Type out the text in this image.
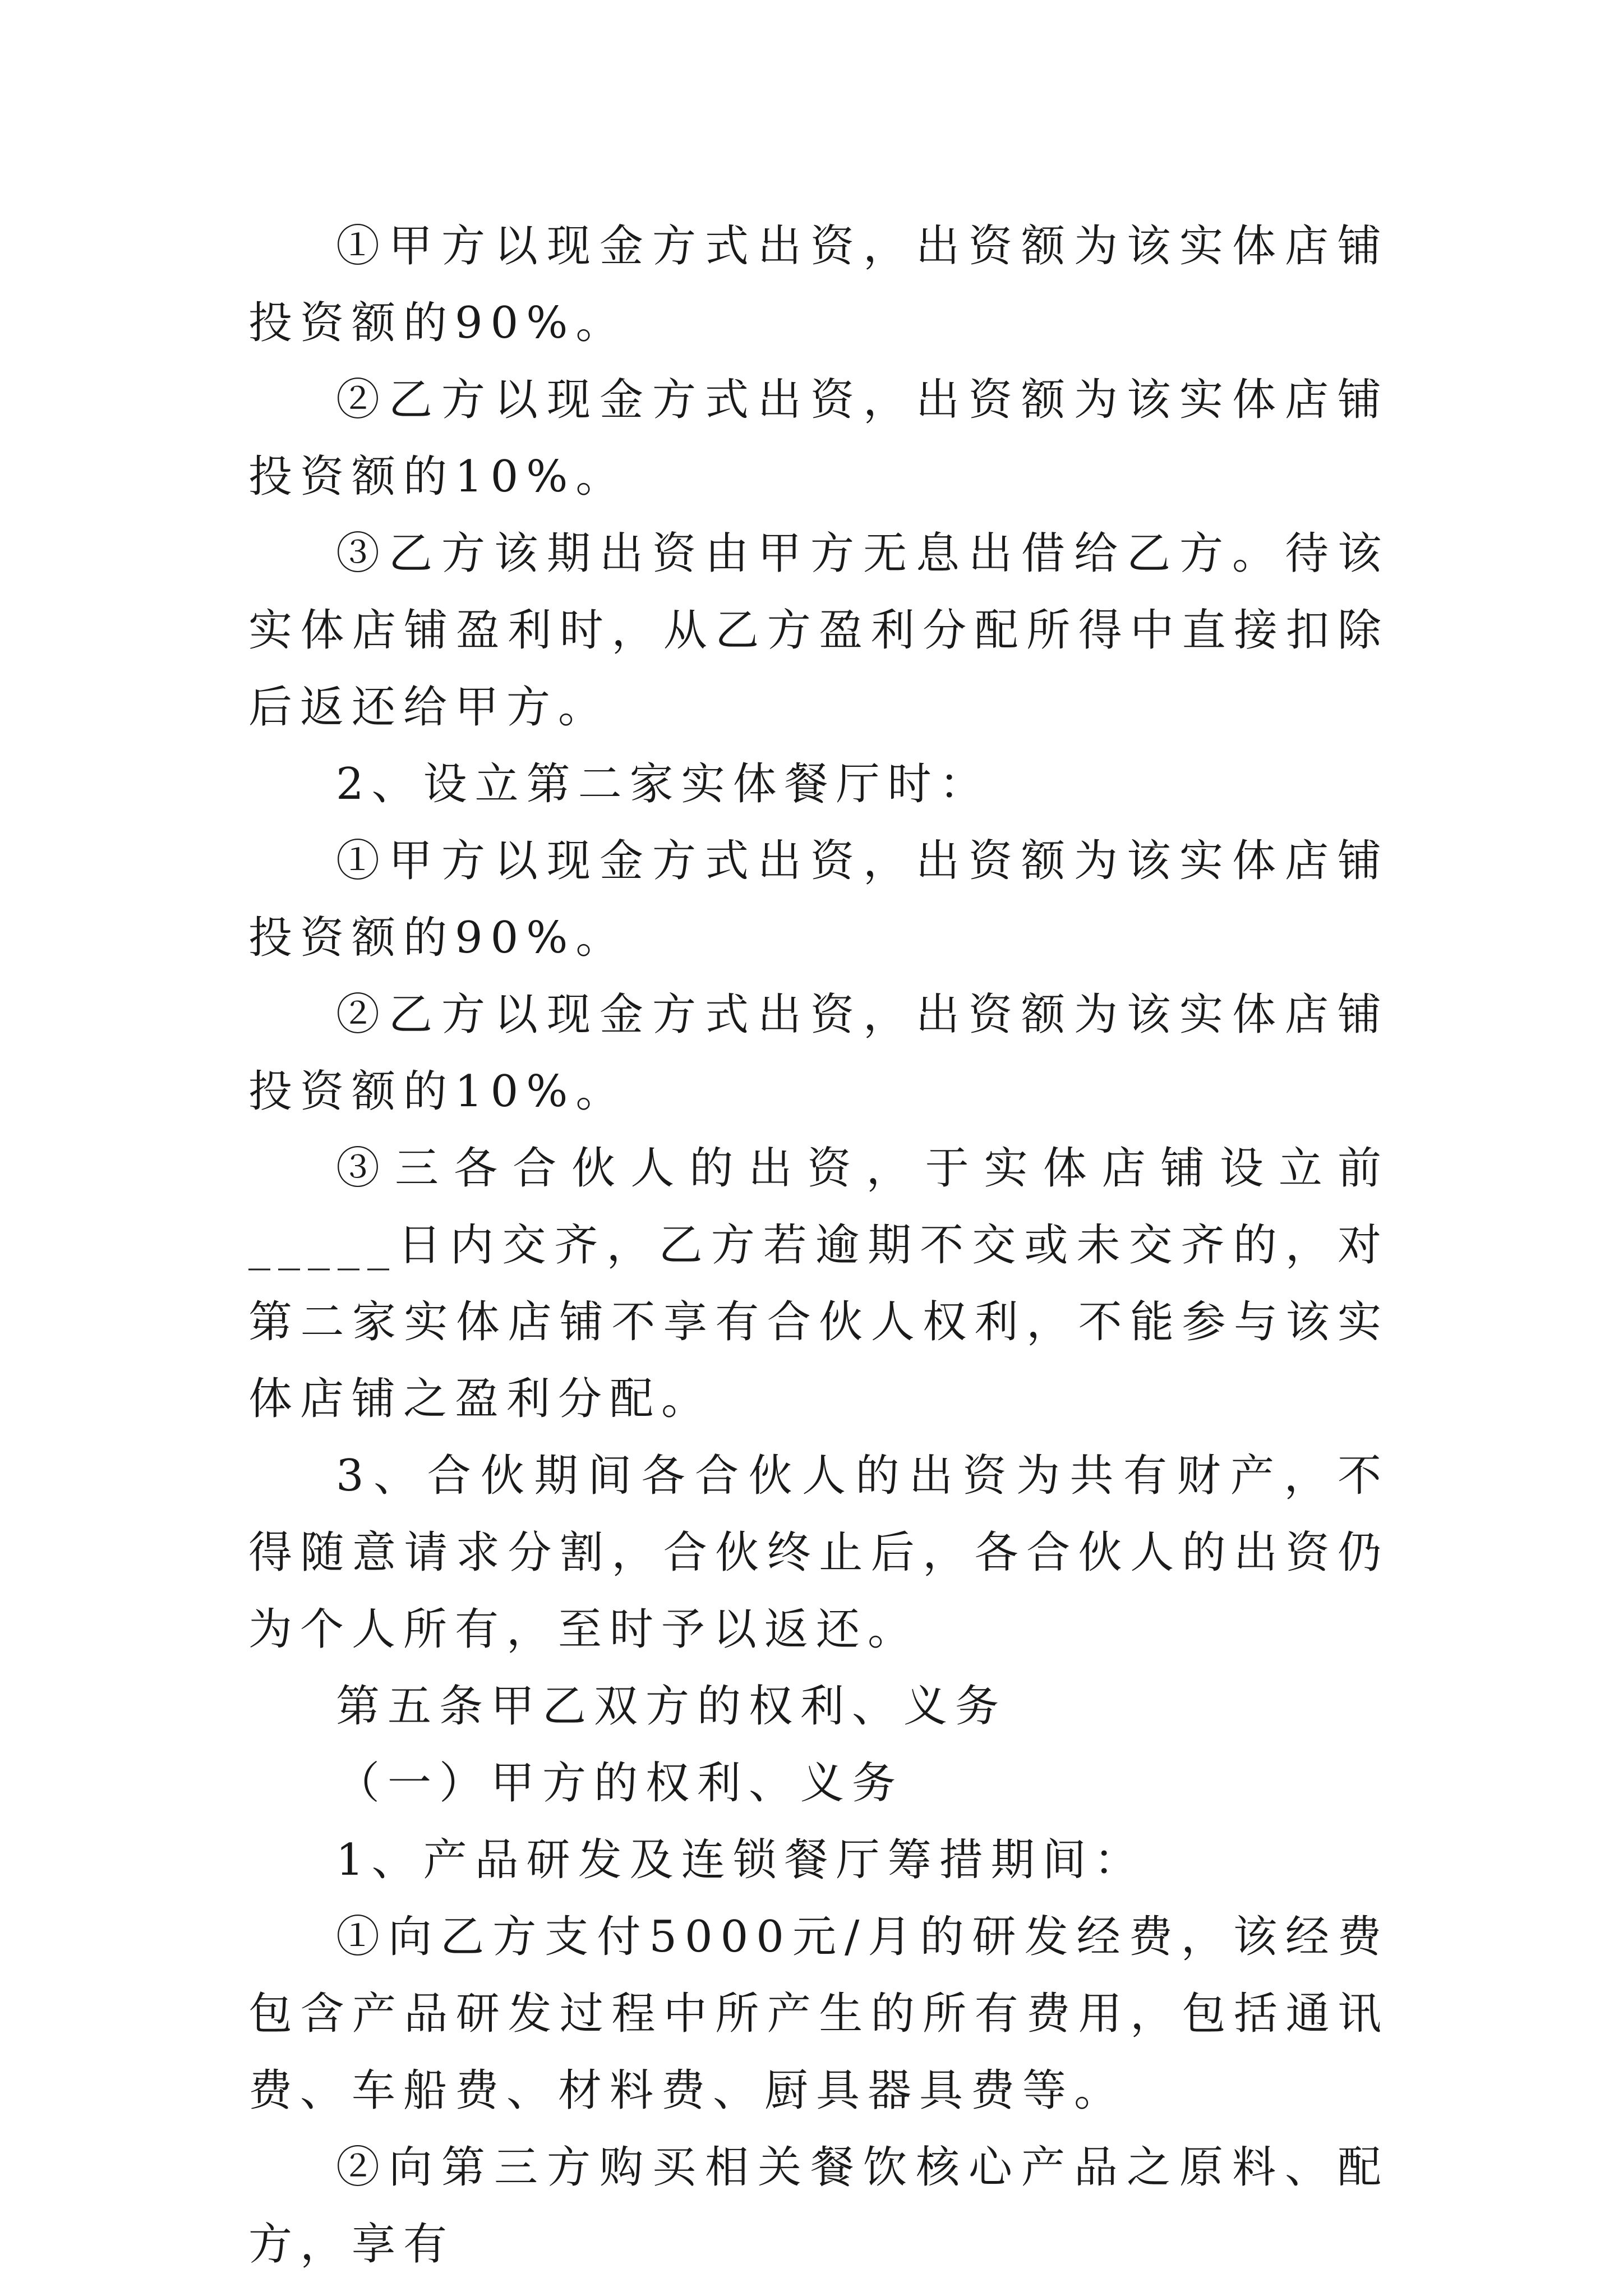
①甲方以现金方式出资，出资额为该实体店铺投资额的90%。

②乙方以现金方式出资，出资额为该实体店铺投资额的10%。

③乙方该期出资由甲方无息出借给乙方。待该实体店铺盈利时，从乙方盈利分配所得中直接扣除后返还给甲方。

2、设立第二家实体餐厅时：

①甲方以现金方式出资，出资额为该实体店铺投资额的90%。

②乙方以现金方式出资，出资额为该实体店铺投资额的10%。

③三各合伙人的出资，于实体店铺设立前_____日内交齐，乙方若逾期不交或未交齐的，对第二家实体店铺不享有合伙人权利，不能参与该实体店铺之盈利分配。

3、合伙期间各合伙人的出资为共有财产，不得随意请求分割，合伙终止后，各合伙人的出资仍为个人所有，至时予以返还。

第五条甲乙双方的权利、义务

（一）甲方的权利、义务

1、产品研发及连锁餐厅筹措期间：

①向乙方支付5000元/月的研发经费，该经费包含产品研发过程中所产生的所有费用，包括通讯费、车船费、材料费、厨具器具费等。

②向第三方购买相关餐饮核心产品之原料、配方，享有
